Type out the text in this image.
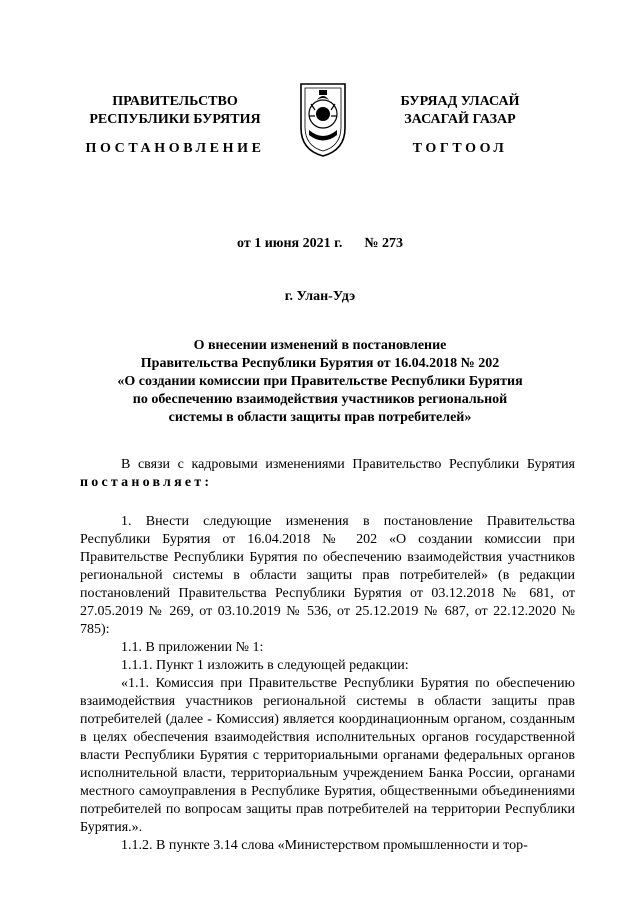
ПРАВИТЕЛЬСТВО
РЕСПУБЛИКИ БУРЯТИЯ
БУРЯАД УЛАСАЙ
ЗАСАГАЙ ГАЗАР
ПОСТАНОВЛЕНИЕ	ТОГТООЛ
от 1 июня 2021 г. № 273
г. Улан-Удэ
О внесении изменений в постановление
Правительства Республики Бурятия от 16.04.2018 № 202
«О создании комиссии при Правительстве Республики Бурятия
по обеспечению взаимодействия участников региональной
системы в области защиты прав потребителей»

В связи с кадровыми изменениями Правительство Республики Бурятия постановляет:

1. Внести следующие изменения в постановление Правительства Республики Бурятия от 16.04.2018 № 202 «О создании комиссии при Правительстве Республики Бурятия по обеспечению взаимодействия участников региональной системы в области защиты прав потребителей» (в редакции постановлений Правительства Республики Бурятия от 03.12.2018 № 681, от 27.05.2019 № 269, от 03.10.2019 № 536, от 25.12.2019 № 687, от 22.12.2020 № 785):

1.1. В приложении № 1:

1.1.1. Пункт 1 изложить в следующей редакции:

«1.1. Комиссия при Правительстве Республики Бурятия по обеспечению взаимодействия участников региональной системы в области защиты прав потребителей (далее - Комиссия) является координационным органом, созданным в целях обеспечения взаимодействия исполнительных органов государственной власти Республики Бурятия с территориальными органами федеральных органов исполнительной власти, территориальным учреждением Банка России, органами местного самоуправления в Республике Бурятия, общественными объединениями потребителей по вопросам защиты прав потребителей на территории Республики Бурятия.».

1.1.2. В пункте 3.14 слова «Министерством промышленности и тор-
